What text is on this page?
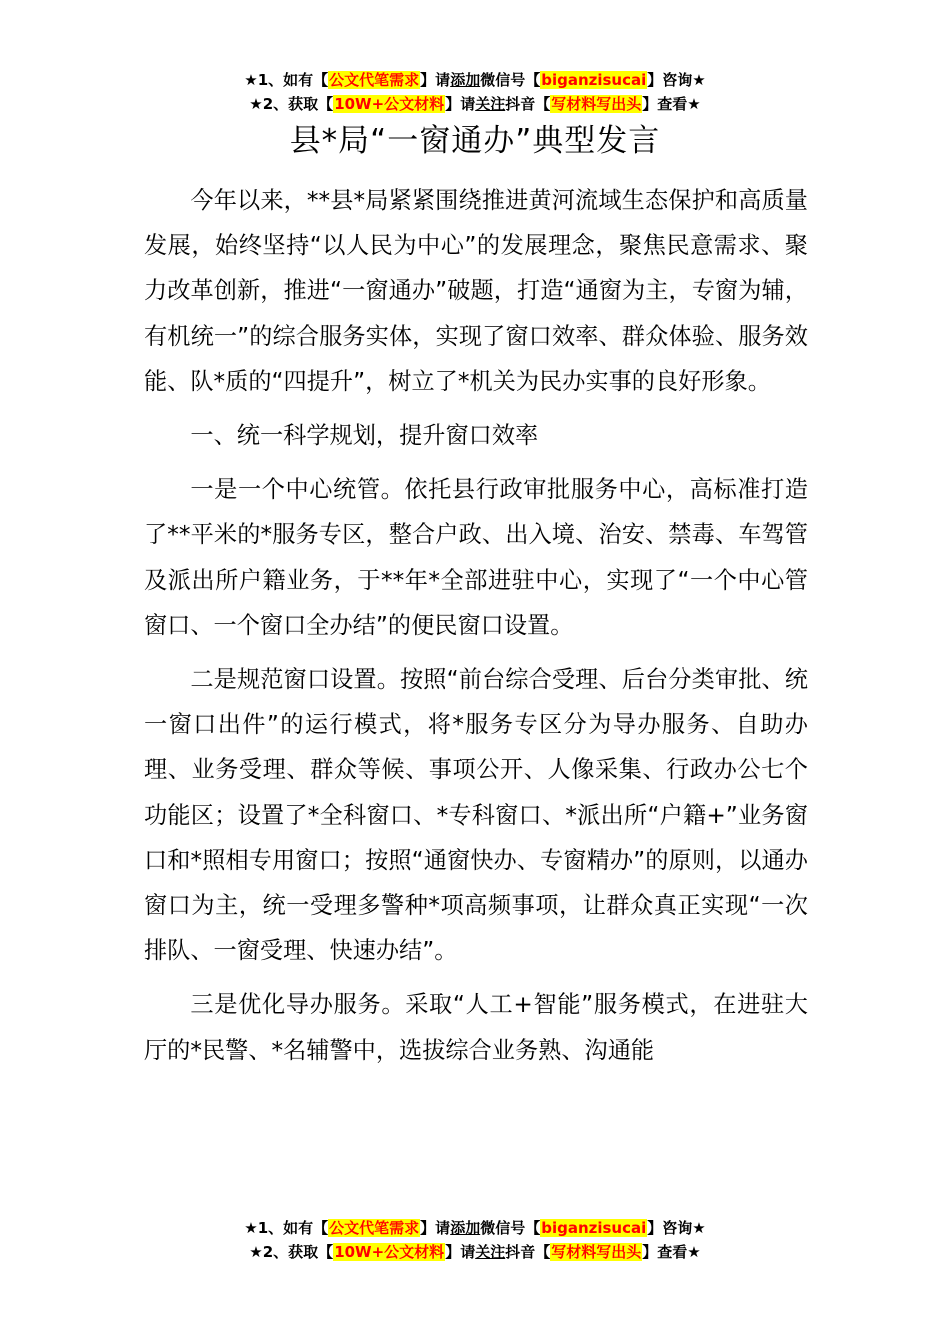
★1、如有【公文代笔需求】请添加微信号【biganzisucai】咨询★
★2、获取【10W+公文材料】请关注抖音【写材料写出头】查看★
县*局“一窗通办”典型发言

今年以来，**县*局紧紧围绕推进黄河流域生态保护和高质量发展，始终坚持“以人民为中心”的发展理念，聚焦民意需求、聚力改革创新，推进“一窗通办”破题，打造“通窗为主，专窗为辅，有机统一”的综合服务实体，实现了窗口效率、群众体验、服务效能、队*质的“四提升”，树立了*机关为民办实事的良好形象。

一、统一科学规划，提升窗口效率

一是一个中心统管。依托县行政审批服务中心，高标准打造了**平米的*服务专区，整合户政、出入境、治安、禁毒、车驾管及派出所户籍业务，于**年*全部进驻中心，实现了“一个中心管窗口、一个窗口全办结”的便民窗口设置。

二是规范窗口设置。按照“前台综合受理、后台分类审批、统一窗口出件”的运行模式，将*服务专区分为导办服务、自助办理、业务受理、群众等候、事项公开、人像采集、行政办公七个功能区；设置了*全科窗口、*专科窗口、*派出所“户籍+”业务窗口和*照相专用窗口；按照“通窗快办、专窗精办”的原则，以通办窗口为主，统一受理多警种*项高频事项，让群众真正实现“一次排队、一窗受理、快速办结”。

三是优化导办服务。采取“人工+智能”服务模式，在进驻大厅的*民警、*名辅警中，选拔综合业务熟、沟通能

★1、如有【公文代笔需求】请添加微信号【biganzisucai】咨询★
★2、获取【10W+公文材料】请关注抖音【写材料写出头】查看★
